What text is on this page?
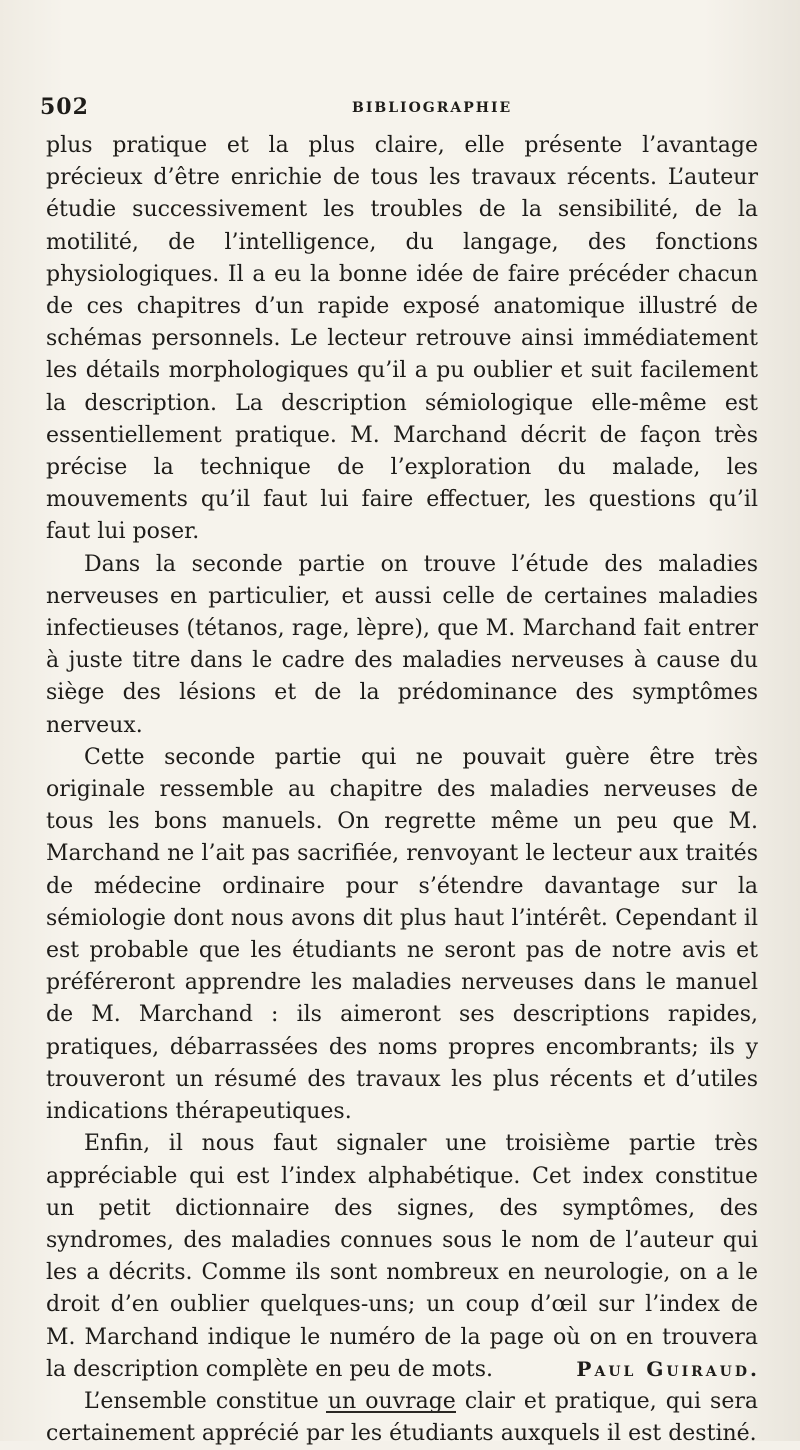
502	BIBLIOGRAPHIE

plus pratique et la plus claire, elle présente l’avantage précieux d’être enrichie de tous les travaux récents. L’auteur étudie successivement les troubles de la sensibilité, de la motilité, de l’intelligence, du langage, des fonctions physiologiques. Il a eu la bonne idée de faire précéder chacun de ces chapitres d’un rapide exposé anatomique illustré de schémas personnels. Le lecteur retrouve ainsi immédiatement les détails morphologiques qu’il a pu oublier et suit facilement la description. La description sémiologique elle-même est essentiellement pratique. M. Marchand décrit de façon très précise la technique de l’exploration du malade, les mouvements qu’il faut lui faire effectuer, les questions qu’il faut lui poser.

Dans la seconde partie on trouve l’étude des maladies nerveuses en particulier, et aussi celle de certaines maladies infectieuses (tétanos, rage, lèpre), que M. Marchand fait entrer à juste titre dans le cadre des maladies nerveuses à cause du siège des lésions et de la prédominance des symptômes nerveux.

Cette seconde partie qui ne pouvait guère être très originale ressemble au chapitre des maladies nerveuses de tous les bons manuels. On regrette même un peu que M. Marchand ne l’ait pas sacrifiée, renvoyant le lecteur aux traités de médecine ordinaire pour s’étendre davantage sur la sémiologie dont nous avons dit plus haut l’intérêt. Cependant il est probable que les étudiants ne seront pas de notre avis et préféreront apprendre les maladies nerveuses dans le manuel de M. Marchand : ils aimeront ses descriptions rapides, pratiques, débarrassées des noms propres encombrants; ils y trouveront un résumé des travaux les plus récents et d’utiles indications thérapeutiques.

Enfin, il nous faut signaler une troisième partie très appréciable qui est l’index alphabétique. Cet index constitue un petit dictionnaire des signes, des symptômes, des syndromes, des maladies connues sous le nom de l’auteur qui les a décrits. Comme ils sont nombreux en neurologie, on a le droit d’en oublier quelques-uns; un coup d’œil sur l’index de M. Marchand indique le numéro de la page où on en trouvera la description complète en peu de mots.

L’ensemble constitue un ouvrage clair et pratique, qui sera certainement apprécié par les étudiants auxquels il est destiné.

Paul Guiraud.
